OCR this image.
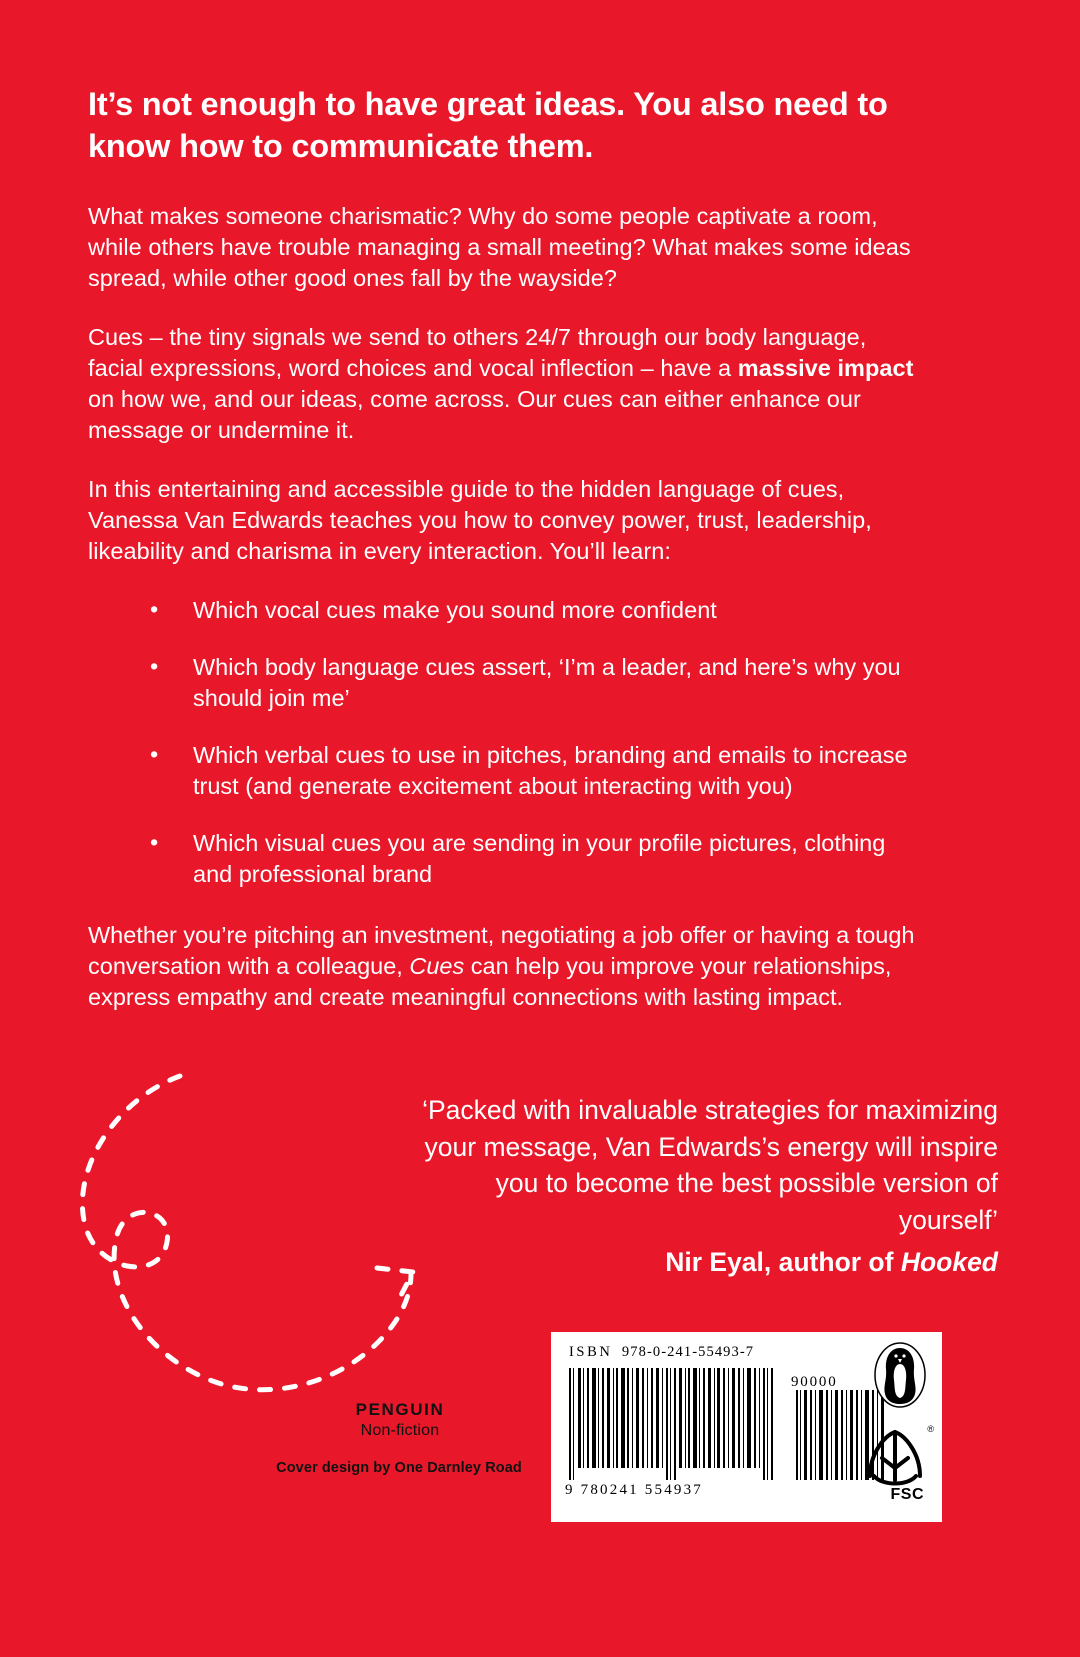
It’s not enough to have great ideas. You also need to know how to communicate them.

What makes someone charismatic? Why do some people captivate a room, while others have trouble managing a small meeting? What makes some ideas spread, while other good ones fall by the wayside?

Cues – the tiny signals we send to others 24/7 through our body language, facial expressions, word choices and vocal inflection – have a massive impact on how we, and our ideas, come across. Our cues can either enhance our message or undermine it.

In this entertaining and accessible guide to the hidden language of cues, Vanessa Van Edwards teaches you how to convey power, trust, leadership, likeability and charisma in every interaction. You’ll learn:

• Which vocal cues make you sound more confident
• Which body language cues assert, ‘I’m a leader, and here’s why you should join me’
• Which verbal cues to use in pitches, branding and emails to increase trust (and generate excitement about interacting with you)
• Which visual cues you are sending in your profile pictures, clothing and professional brand

Whether you’re pitching an investment, negotiating a job offer or having a tough conversation with a colleague, Cues can help you improve your relationships, express empathy and create meaningful connections with lasting impact.

‘Packed with invaluable strategies for maximizing your message, Van Edwards’s energy will inspire you to become the best possible version of yourself’

Nir Eyal, author of Hooked

PENGUIN

Non-fiction

Cover design by One Darnley Road
ISBN 978-0-241-55493-7
9 780241 554937
90000
®
FSC
